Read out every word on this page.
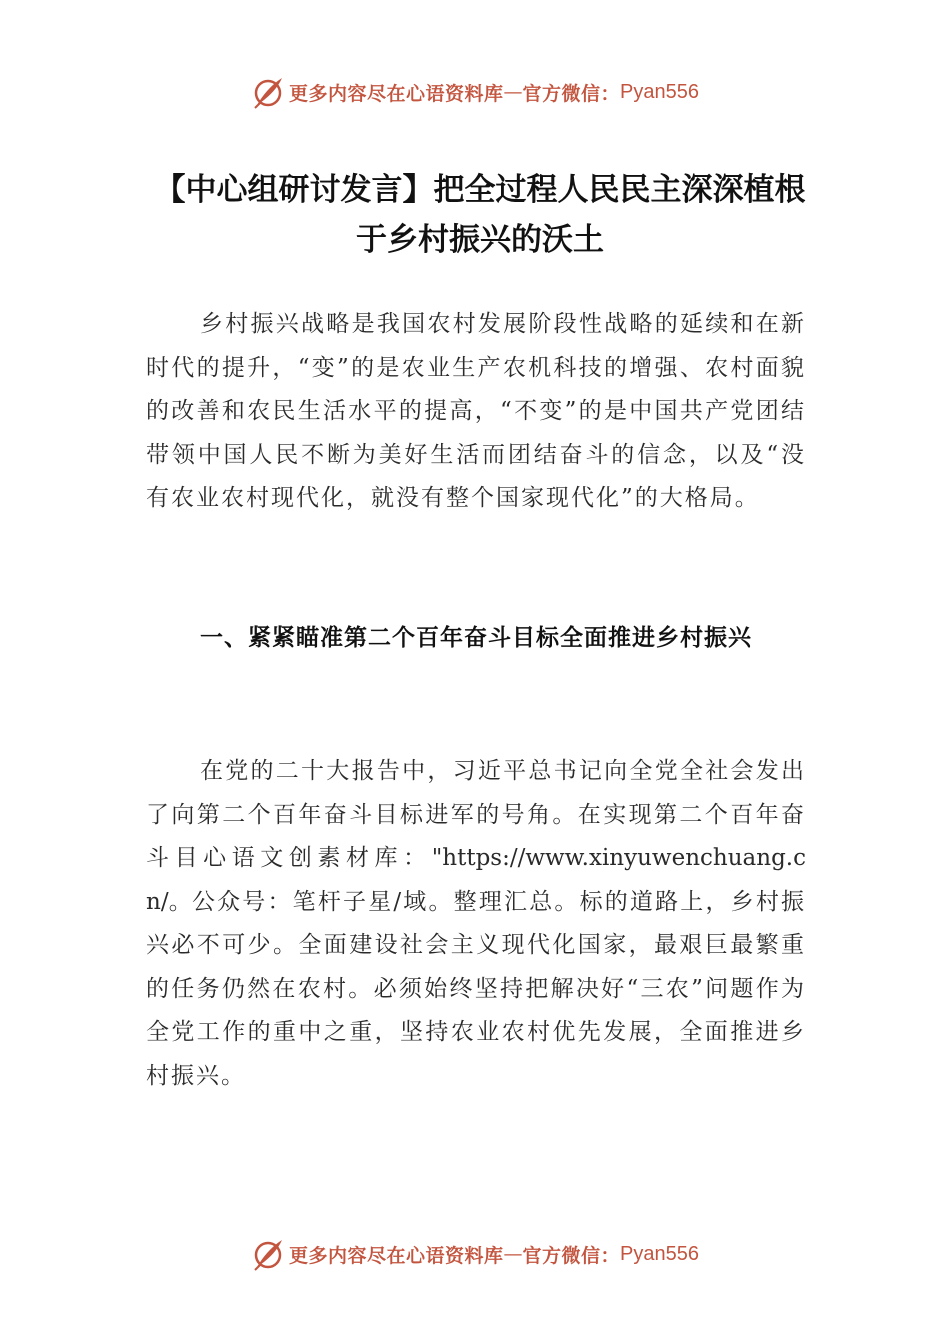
更多内容尽在心语资料库 — 官方微信： Pyan556
【中心组研讨发言】把全过程人民民主深深植根于乡村振兴的沃土

乡村振兴战略是我国农村发展阶段性战略的延续和在新时代的提升，“变”的是农业生产农机科技的增强、农村面貌的改善和农民生活水平的提高，“不变”的是中国共产党团结带领中国人民不断为美好生活而团结奋斗的信念，以及“没有农业农村现代化，就没有整个国家现代化”的大格局。

一、紧紧瞄准第二个百年奋斗目标全面推进乡村振兴

在党的二十大报告中，习近平总书记向全党全社会发出了向第二个百年奋斗目标进军的号角。在实现第二个百年奋斗目心语文创素材库："https://www.xinyuwenchuang.cn/。公众号：笔杆子星/域。整理汇总。标的道路上，乡村振兴必不可少。全面建设社会主义现代化国家，最艰巨最繁重的任务仍然在农村。必须始终坚持把解决好“三农”问题作为全党工作的重中之重，坚持农业农村优先发展，全面推进乡村振兴。

更多内容尽在心语资料库 — 官方微信： Pyan556
